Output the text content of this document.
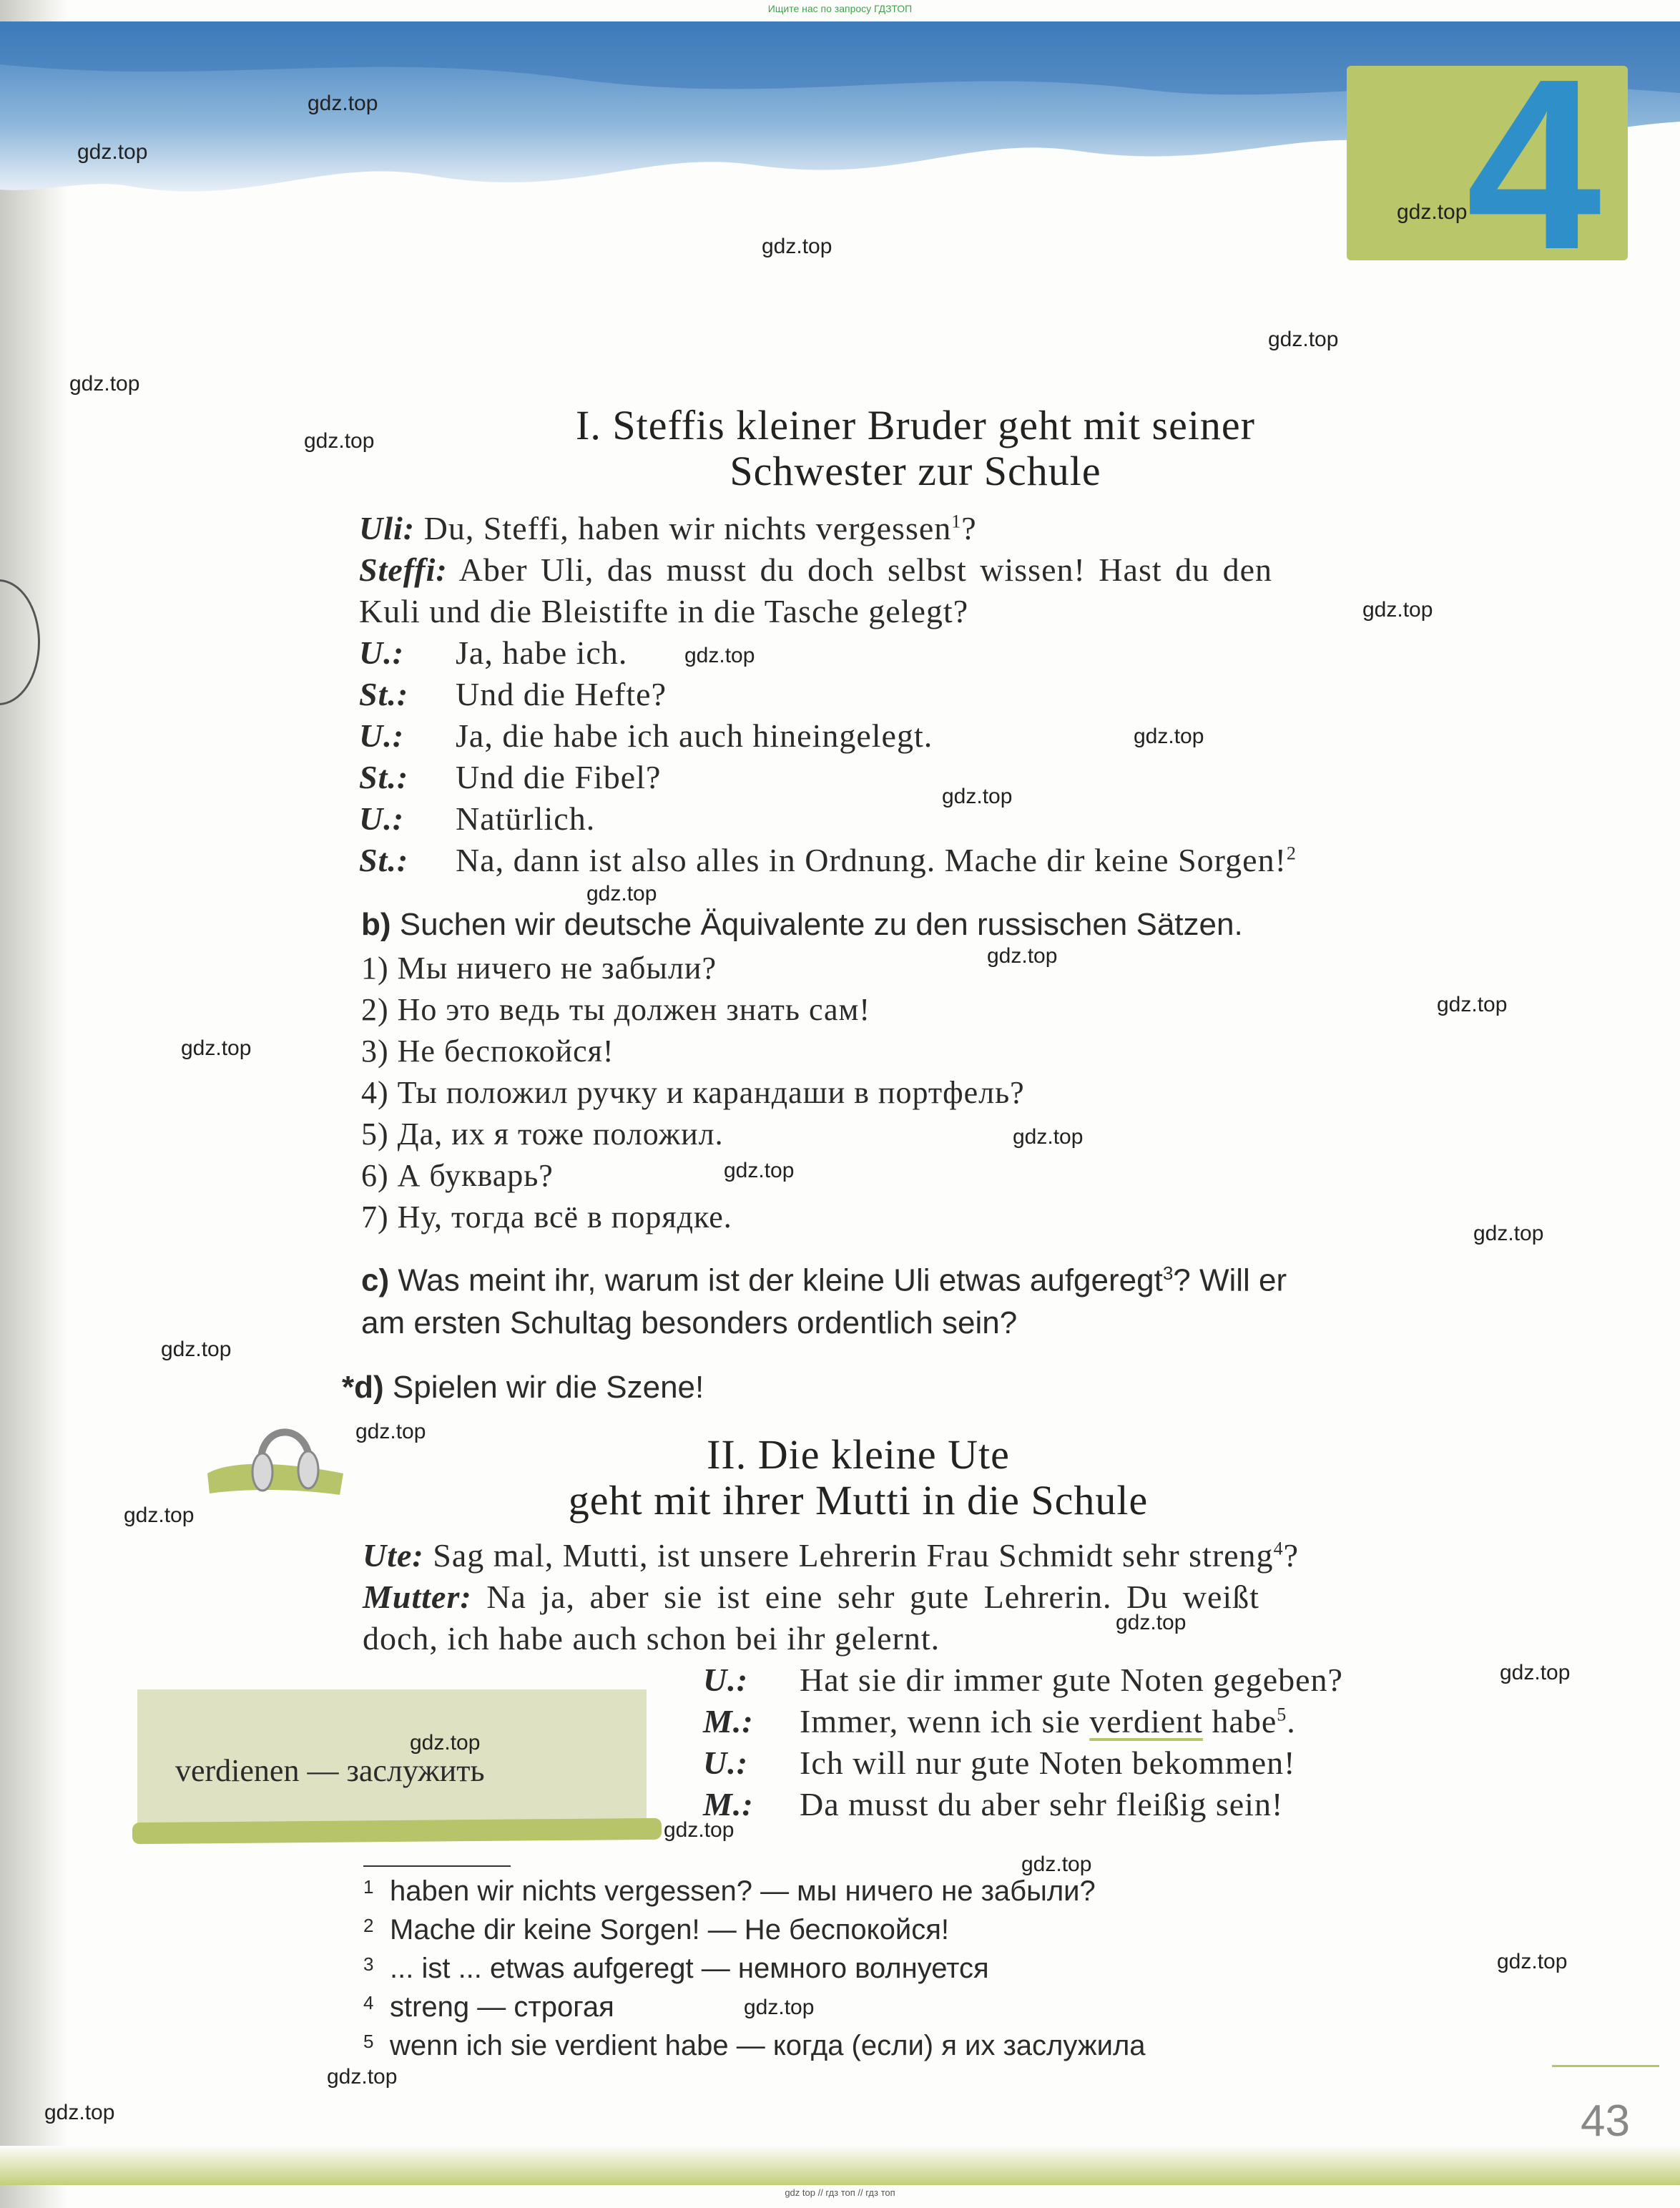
4
Ищите нас по запросу ГДЗТОП
I. Steffis kleiner Bruder geht mit seiner
Schwester zur Schule
Uli: Du, Steffi, haben wir nichts vergessen$^1$?
Steffi: Aber Uli, das musst du doch selbst wissen! Hast du den
Kuli und die Bleistifte in die Tasche gelegt?
U.: Ja, habe ich.
St.: Und die Hefte?
U.: Ja, die habe ich auch hineingelegt.
St.: Und die Fibel?
U.: Natürlich.
St.: Na, dann ist also alles in Ordnung. Mache dir keine Sorgen!$^2$
b) Suchen wir deutsche Äquivalente zu den russischen Sätzen.
1) Мы ничего не забыли?
2) Но это ведь ты должен знать сам!
3) Не беспокойся!
4) Ты положил ручку и карандаши в портфель?
5) Да, их я тоже положил.
6) А букварь?
7) Ну, тогда всё в порядке.
c) Was meint ihr, warum ist der kleine Uli etwas aufgeregt$^3$? Will er
am ersten Schultag besonders ordentlich sein?
*d) Spielen wir die Szene!
II. Die kleine Ute
geht mit ihrer Mutti in die Schule
Ute: Sag mal, Mutti, ist unsere Lehrerin Frau Schmidt sehr streng$^4$?
Mutter: Na ja, aber sie ist eine sehr gute Lehrerin. Du weißt
doch, ich habe auch schon bei ihr gelernt.
verdienen — заслужить
U.: Hat sie dir immer gute Noten gegeben?
M.: Immer, wenn ich sie verdient habe$^5$.
U.: Ich will nur gute Noten bekommen!
M.: Da musst du aber sehr fleißig sein!
1 haben wir nichts vergessen? — мы ничего не забыли?
2 Mache dir keine Sorgen! — Не беспокойся!
3 ... ist ... etwas aufgeregt — немного волнуется
4 streng — строгая
5 wenn ich sie verdient habe — когда (если) я их заслужила
43
gdz top // гдз топ // гдз топ
gdz.top
gdz.top
gdz.top
gdz.top
gdz.top
gdz.top
gdz.top
gdz.top
gdz.top
gdz.top
gdz.top
gdz.top
gdz.top
gdz.top
gdz.top
gdz.top
gdz.top
gdz.top
gdz.top
gdz.top
gdz.top
gdz.top
gdz.top
gdz.top
gdz.top
gdz.top
gdz.top
gdz.top
gdz.top
gdz.top
